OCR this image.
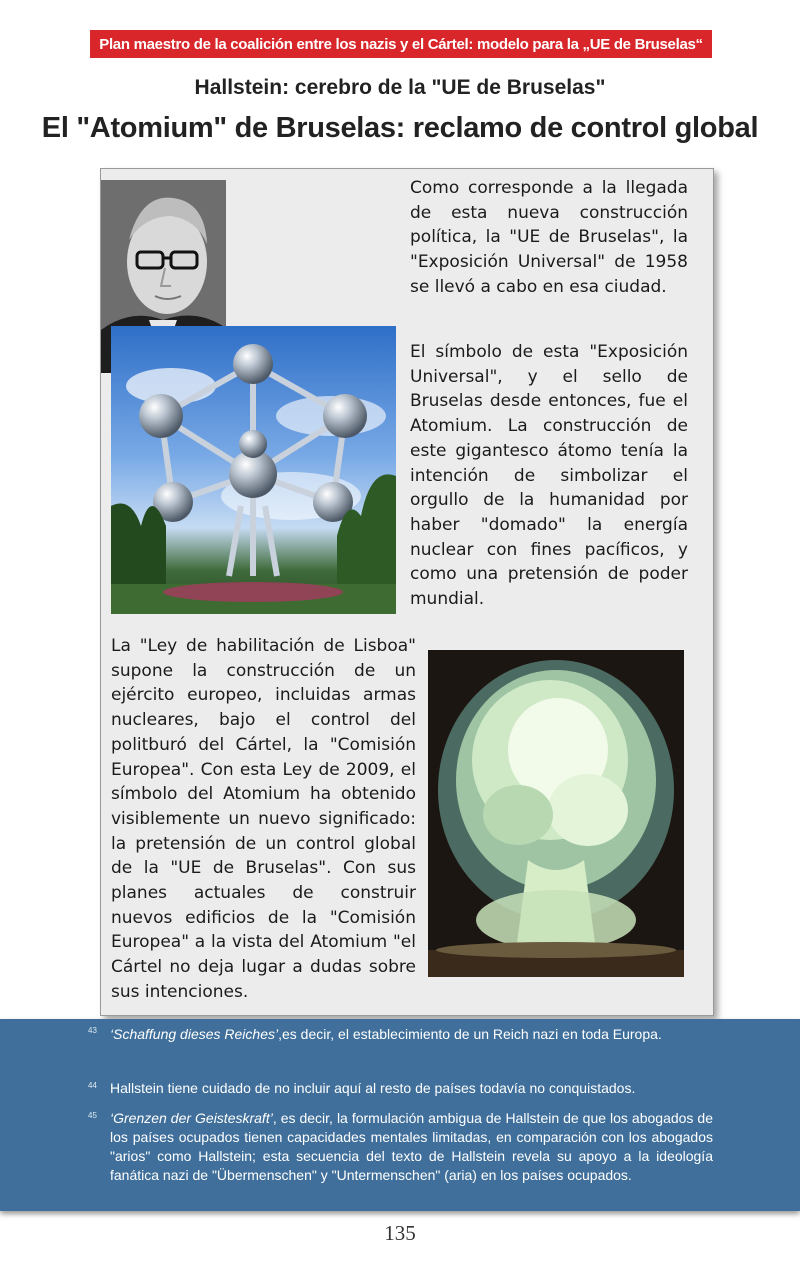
Plan maestro de la coalición entre los nazis y el Cártel: modelo para la „UE de Bruselas“
Hallstein: cerebro de la "UE de Bruselas"
El "Atomium" de Bruselas: reclamo de control global

Como corresponde a la llegada de esta nueva construcción política, la "UE de Bruselas", la "Exposición Universal" de 1958 se llevó a cabo en esa ciudad.

El símbolo de esta "Exposición Universal", y el sello de Bruselas desde entonces, fue el Atomium. La construcción de este gigantesco átomo tenía la intención de simbolizar el orgullo de la humanidad por haber "domado" la energía nuclear con fines pacíficos, y como una pretensión de poder mundial.

La "Ley de habilitación de Lisboa" supone la construcción de un ejército europeo, incluidas armas nucleares, bajo el control del politburó del Cártel, la "Comisión Europea". Con esta Ley de 2009, el símbolo del Atomium ha obtenido visiblemente un nuevo significado: la pretensión de un control global de la "UE de Bruselas". Con sus planes actuales de construir nuevos edificios de la "Comisión Europea" a la vista del Atomium "el Cártel no deja lugar a dudas sobre sus intenciones.

43 ‘Schaffung dieses Reiches’,es decir, el establecimiento de un Reich nazi en toda Europa.

44 Hallstein tiene cuidado de no incluir aquí al resto de países todavía no conquistados.

45 ‘Grenzen der Geisteskraft’, es decir, la formulación ambigua de Hallstein de que los abogados de los países ocupados tienen capacidades mentales limitadas, en comparación con los abogados "arios" como Hallstein; esta secuencia del texto de Hallstein revela su apoyo a la ideología fanática nazi de "Übermenschen" y "Untermenschen" (aria) en los países ocupados.

135
